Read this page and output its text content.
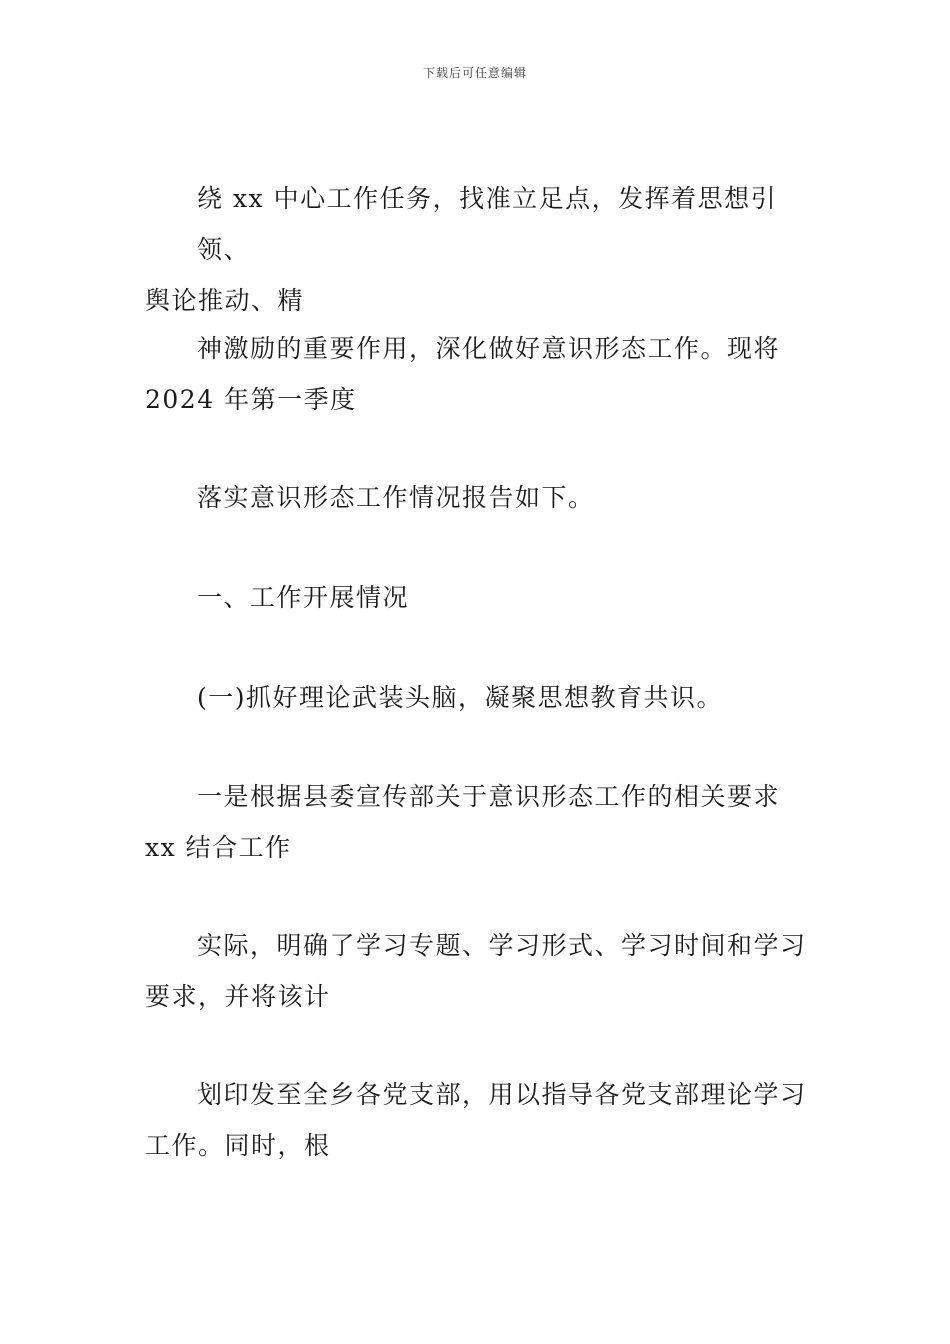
下载后可任意编辑
绕 xx 中心工作任务，找准立足点，发挥着思想引领、
舆论推动、精
神激励的重要作用，深化做好意识形态工作。现将
2024 年第一季度
落实意识形态工作情况报告如下。
一、工作开展情况
(一)抓好理论武装头脑，凝聚思想教育共识。
一是根据县委宣传部关于意识形态工作的相关要求
xx 结合工作
实际，明确了学习专题、学习形式、学习时间和学习
要求，并将该计
划印发至全乡各党支部，用以指导各党支部理论学习
工作。同时，根
